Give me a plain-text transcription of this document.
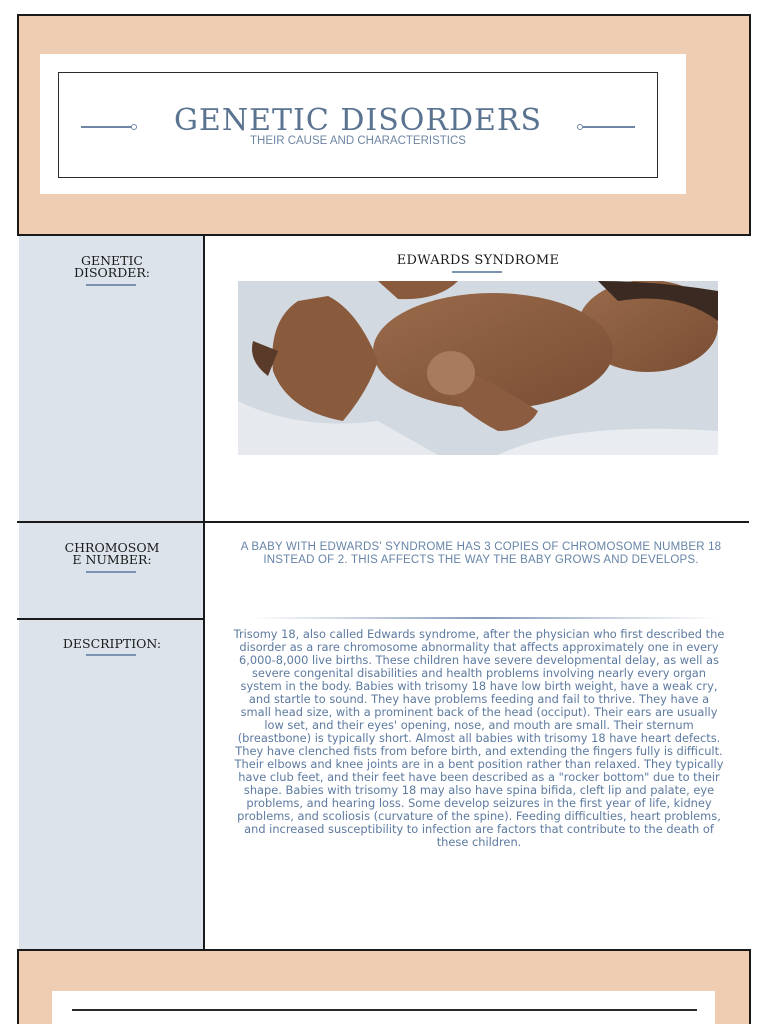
GENETIC DISORDERS
THEIR CAUSE AND CHARACTERISTICS
GENETIC
DISORDER:
EDWARDS SYNDROME
CHROMOSOM
E NUMBER:
A BABY WITH EDWARDS' SYNDROME HAS 3 COPIES OF CHROMOSOME NUMBER 18 INSTEAD OF 2. THIS AFFECTS THE WAY THE BABY GROWS AND DEVELOPS.
DESCRIPTION:
Trisomy 18, also called Edwards syndrome, after the physician who first described the disorder as a rare chromosome abnormality that affects approximately one in every 6,000-8,000 live births. These children have severe developmental delay, as well as severe congenital disabilities and health problems involving nearly every organ system in the body. Babies with trisomy 18 have low birth weight, have a weak cry, and startle to sound. They have problems feeding and fail to thrive. They have a small head size, with a prominent back of the head (occiput). Their ears are usually low set, and their eyes' opening, nose, and mouth are small. Their sternum (breastbone) is typically short. Almost all babies with trisomy 18 have heart defects. They have clenched fists from before birth, and extending the fingers fully is difficult. Their elbows and knee joints are in a bent position rather than relaxed. They typically have club feet, and their feet have been described as a "rocker bottom" due to their shape. Babies with trisomy 18 may also have spina bifida, cleft lip and palate, eye problems, and hearing loss. Some develop seizures in the first year of life, kidney problems, and scoliosis (curvature of the spine). Feeding difficulties, heart problems, and increased susceptibility to infection are factors that contribute to the death of these children.
